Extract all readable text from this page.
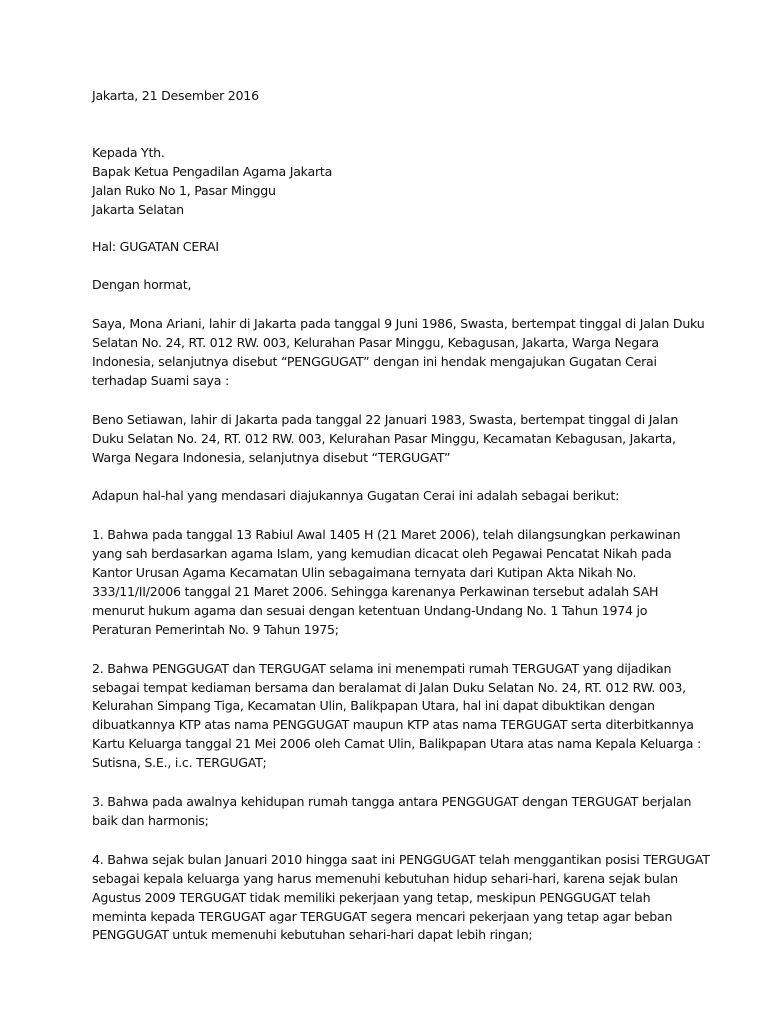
Jakarta, 21 Desember 2016
Kepada Yth.
Bapak Ketua Pengadilan Agama Jakarta
Jalan Ruko No 1, Pasar Minggu
Jakarta Selatan
Hal: GUGATAN CERAI
Dengan hormat,
Saya, Mona Ariani, lahir di Jakarta pada tanggal 9 Juni 1986, Swasta, bertempat tinggal di Jalan Duku
Selatan No. 24, RT. 012 RW. 003, Kelurahan Pasar Minggu, Kebagusan, Jakarta, Warga Negara
Indonesia, selanjutnya disebut “PENGGUGAT” dengan ini hendak mengajukan Gugatan Cerai
terhadap Suami saya :
Beno Setiawan, lahir di Jakarta pada tanggal 22 Januari 1983, Swasta, bertempat tinggal di Jalan
Duku Selatan No. 24, RT. 012 RW. 003, Kelurahan Pasar Minggu, Kecamatan Kebagusan, Jakarta,
Warga Negara Indonesia, selanjutnya disebut “TERGUGAT”
Adapun hal-hal yang mendasari diajukannya Gugatan Cerai ini adalah sebagai berikut:
1. Bahwa pada tanggal 13 Rabiul Awal 1405 H (21 Maret 2006), telah dilangsungkan perkawinan
yang sah berdasarkan agama Islam, yang kemudian dicacat oleh Pegawai Pencatat Nikah pada
Kantor Urusan Agama Kecamatan Ulin sebagaimana ternyata dari Kutipan Akta Nikah No.
333/11/II/2006 tanggal 21 Maret 2006. Sehingga karenanya Perkawinan tersebut adalah SAH
menurut hukum agama dan sesuai dengan ketentuan Undang-Undang No. 1 Tahun 1974 jo
Peraturan Pemerintah No. 9 Tahun 1975;
2. Bahwa PENGGUGAT dan TERGUGAT selama ini menempati rumah TERGUGAT yang dijadikan
sebagai tempat kediaman bersama dan beralamat di Jalan Duku Selatan No. 24, RT. 012 RW. 003,
Kelurahan Simpang Tiga, Kecamatan Ulin, Balikpapan Utara, hal ini dapat dibuktikan dengan
dibuatkannya KTP atas nama PENGGUGAT maupun KTP atas nama TERGUGAT serta diterbitkannya
Kartu Keluarga tanggal 21 Mei 2006 oleh Camat Ulin, Balikpapan Utara atas nama Kepala Keluarga :
Sutisna, S.E., i.c. TERGUGAT;
3. Bahwa pada awalnya kehidupan rumah tangga antara PENGGUGAT dengan TERGUGAT berjalan
baik dan harmonis;
4. Bahwa sejak bulan Januari 2010 hingga saat ini PENGGUGAT telah menggantikan posisi TERGUGAT
sebagai kepala keluarga yang harus memenuhi kebutuhan hidup sehari-hari, karena sejak bulan
Agustus 2009 TERGUGAT tidak memiliki pekerjaan yang tetap, meskipun PENGGUGAT telah
meminta kepada TERGUGAT agar TERGUGAT segera mencari pekerjaan yang tetap agar beban
PENGGUGAT untuk memenuhi kebutuhan sehari-hari dapat lebih ringan;
